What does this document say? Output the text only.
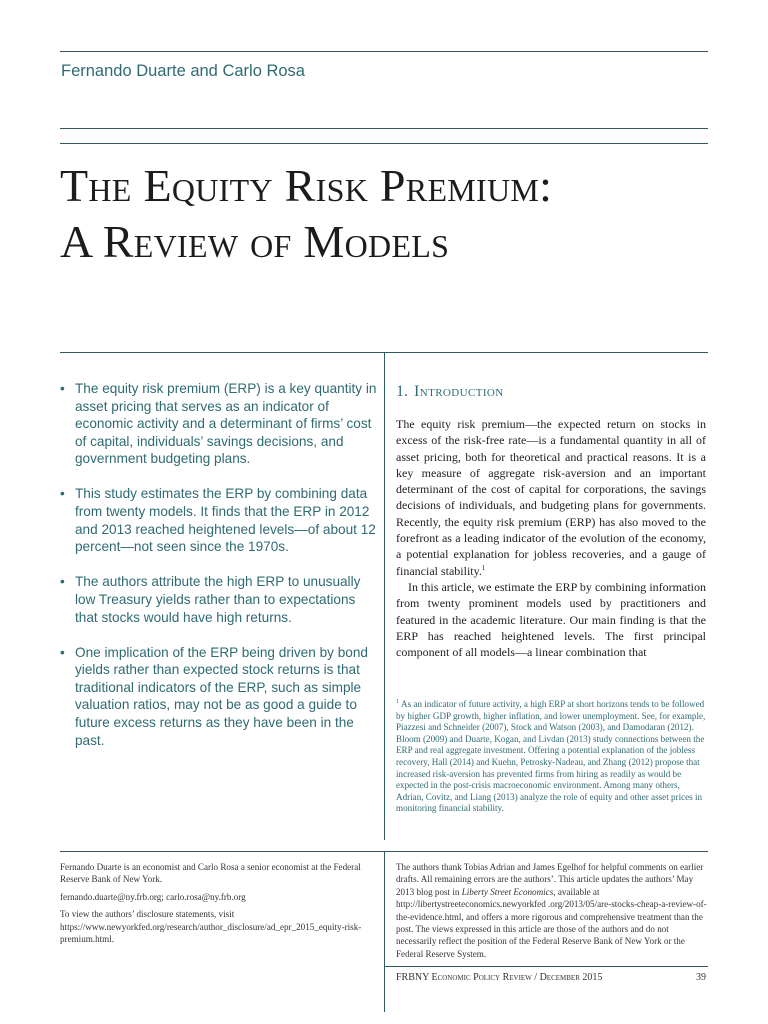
Fernando Duarte and Carlo Rosa

The Equity Risk Premium:
A Review of Models
• The equity risk premium (ERP) is a key quantity in asset pricing that serves as an indicator of economic activity and a determinant of firms’ cost of capital, individuals’ savings decisions, and government budgeting plans.
• This study estimates the ERP by combining data from twenty models. It finds that the ERP in 2012 and 2013 reached heightened levels—of about 12 percent—not seen since the 1970s.
• The authors attribute the high ERP to unusually low Treasury yields rather than to expectations that stocks would have high returns.
• One implication of the ERP being driven by bond yields rather than expected stock returns is that traditional indicators of the ERP, such as simple valuation ratios, may not be as good a guide to future excess returns as they have been in the past.
1. Introduction

The equity risk premium—the expected return on stocks in excess of the risk-free rate—is a fundamental quantity in all of asset pricing, both for theoretical and practical reasons. It is a key measure of aggregate risk-aversion and an important determinant of the cost of capital for corporations, the savings decisions of individuals, and budgeting plans for governments. Recently, the equity risk premium (ERP) has also moved to the forefront as a leading indicator of the evolution of the economy, a potential explanation for jobless recoveries, and a gauge of financial stability.$^1$

In this article, we estimate the ERP by combining information from twenty prominent models used by practitioners and featured in the academic literature. Our main finding is that the ERP has reached heightened levels. The first principal component of all models—a linear combination that

$^1$ As an indicator of future activity, a high ERP at short horizons tends to be followed by higher GDP growth, higher inflation, and lower unemployment. See, for example, Piazzesi and Schneider (2007), Stock and Watson (2003), and Damodaran (2012). Bloom (2009) and Duarte, Kogan, and Livdan (2013) study connections between the ERP and real aggregate investment. Offering a potential explanation of the jobless recovery, Hall (2014) and Kuehn, Petrosky-Nadeau, and Zhang (2012) propose that increased risk-aversion has prevented firms from hiring as readily as would be expected in the post-crisis macroeconomic environment. Among many others, Adrian, Covitz, and Liang (2013) analyze the role of equity and other asset prices in monitoring financial stability.

Fernando Duarte is an economist and Carlo Rosa a senior economist at the Federal Reserve Bank of New York.

fernando.duarte@ny.frb.org; carlo.rosa@ny.frb.org

To view the authors’ disclosure statements, visit https://www.newyorkfed.org/research/author_disclosure/ad_epr_2015_equity-risk-premium.html.

The authors thank Tobias Adrian and James Egelhof for helpful comments on earlier drafts. All remaining errors are the authors’. This article updates the authors’ May 2013 blog post in Liberty Street Economics, available at http://libertystreeteconomics.newyorkfed .org/2013/05/are-stocks-cheap-a-review-of-the-evidence.html, and offers a more rigorous and comprehensive treatment than the post. The views expressed in this article are those of the authors and do not necessarily reflect the position of the Federal Reserve Bank of New York or the Federal Reserve System.

FRBNY Economic Policy Review / December 2015	39
